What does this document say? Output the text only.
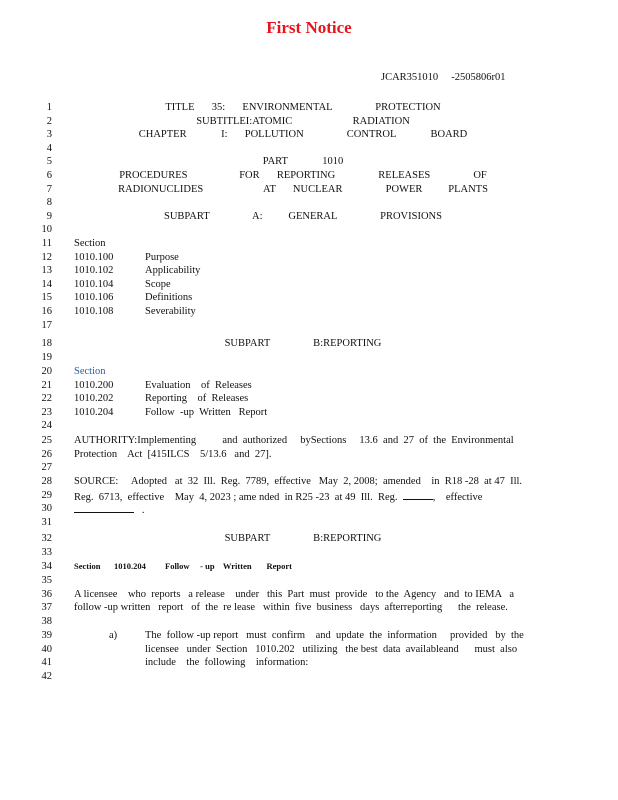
First Notice
JCAR351010     -2505806r01
1
2
3
4
5
6
7
8
9
10
11
12
13
14
15
16
17
18
19
20
21
22
23
24
25
26
27
28
29
30
31
32
33
34
35
36
37
38
39
40
41
42
TITLE  35:  ENVIRONMENTAL     PROTECTION
SUBTITLEI:ATOMIC       RADIATION
CHAPTER    I:  POLLUTION     CONTROL    BOARD
PART    1010
PROCEDURES      FOR  REPORTING     RELEASES     OF
RADIONUCLIDES       AT  NUCLEAR     POWER   PLANTS
SUBPART     A:   GENERAL     PROVISIONS
Section
1010.100	Purpose
1010.102	Applicability
1010.104	Scope
1010.106	Definitions
1010.108	Severability
SUBPART     B:REPORTING
Section
1010.200	Evaluation    of  Releases
1010.202	Reporting    of  Releases
1010.204	Follow  -up  Written   Report
AUTHORITY:Implementing          and  authorized     bySections     13.6  and  27  of  the  Environmental
Protection    Act  [415ILCS    5/13.6   and  27].
SOURCE:     Adopted   at  32  Ill.  Reg.  7789,  effective   May  2, 2008;  amended    in  R18 -28  at 47  Ill.
Reg.  6713,  effective    May  4, 2023 ; ame nded  in R25 -23  at 49  Ill.  Reg.	,    effective
.
SUBPART     B:REPORTING
Section 1010.204 Follow     - up    Written       Report
A licensee    who  reports   a release    under   this  Part  must  provide   to the  Agency   and  to IEMA   a
follow -up written   report   of  the  re lease   within  five  business   days  afterreporting      the  release.
a)	The  follow -up report   must  confirm    and  update  the  information     provided   by  the
licensee   under  Section   1010.202   utilizing   the best  data  availableand      must  also
include    the  following    information:
